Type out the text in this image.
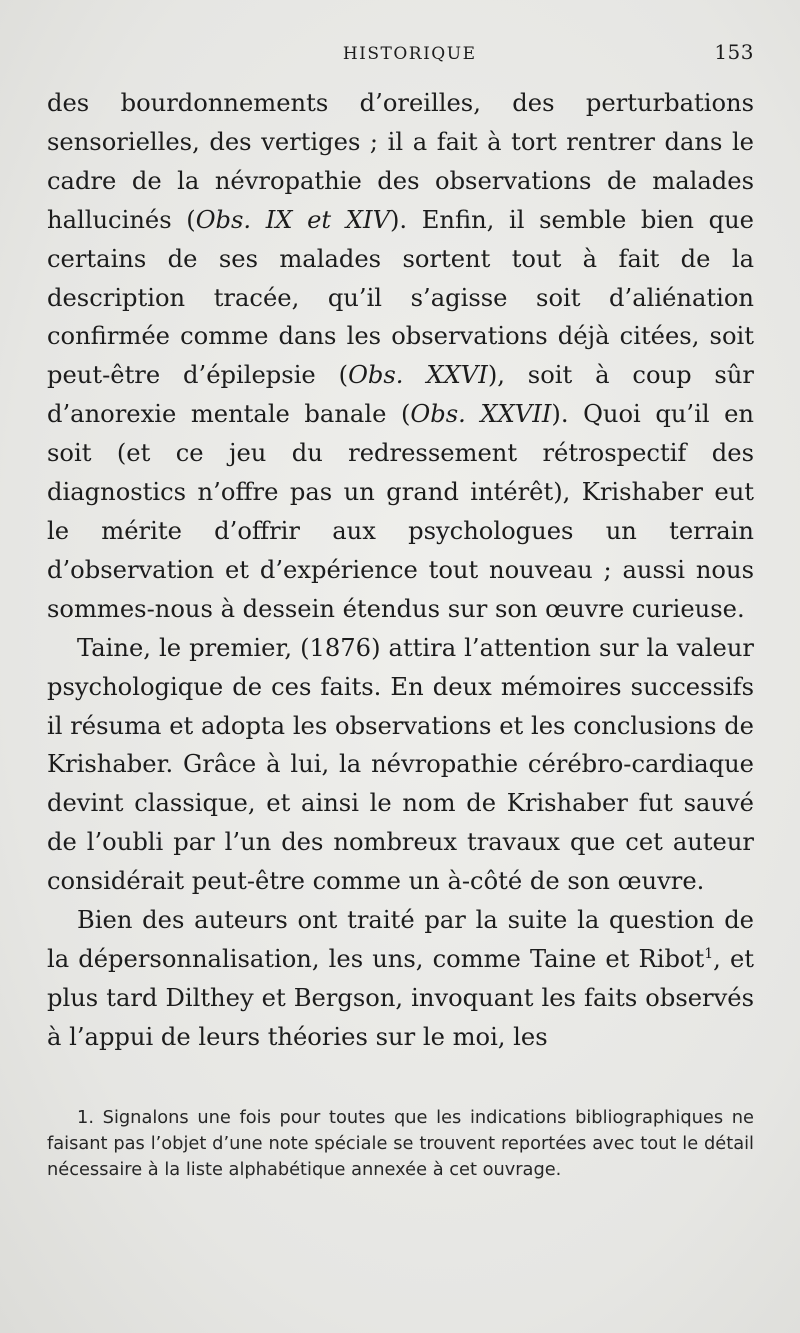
HISTORIQUE	153

des bourdonnements d’oreilles, des perturbations sensorielles, des vertiges ; il a fait à tort rentrer dans le cadre de la névropathie des observations de malades hallucinés (Obs. IX et XIV). Enfin, il semble bien que certains de ses malades sortent tout à fait de la description tracée, qu’il s’agisse soit d’aliénation confirmée comme dans les observations déjà citées, soit peut-être d’épilepsie (Obs. XXVI), soit à coup sûr d’anorexie mentale banale (Obs. XXVII). Quoi qu’il en soit (et ce jeu du redressement rétrospectif des diagnostics n’offre pas un grand intérêt), Krishaber eut le mérite d’offrir aux psychologues un terrain d’observation et d’expérience tout nouveau ; aussi nous sommes-nous à dessein étendus sur son œuvre curieuse.

Taine, le premier, (1876) attira l’attention sur la valeur psychologique de ces faits. En deux mémoires successifs il résuma et adopta les observations et les conclusions de Krishaber. Grâce à lui, la névropathie cérébro-cardiaque devint classique, et ainsi le nom de Krishaber fut sauvé de l’oubli par l’un des nombreux travaux que cet auteur considérait peut-être comme un à-côté de son œuvre.

Bien des auteurs ont traité par la suite la question de la dépersonnalisation, les uns, comme Taine et Ribot$^1$, et plus tard Dilthey et Bergson, invoquant les faits observés à l’appui de leurs théories sur le moi, les

1. Signalons une fois pour toutes que les indications bibliographiques ne faisant pas l’objet d’une note spéciale se trouvent reportées avec tout le détail nécessaire à la liste alphabétique annexée à cet ouvrage.
